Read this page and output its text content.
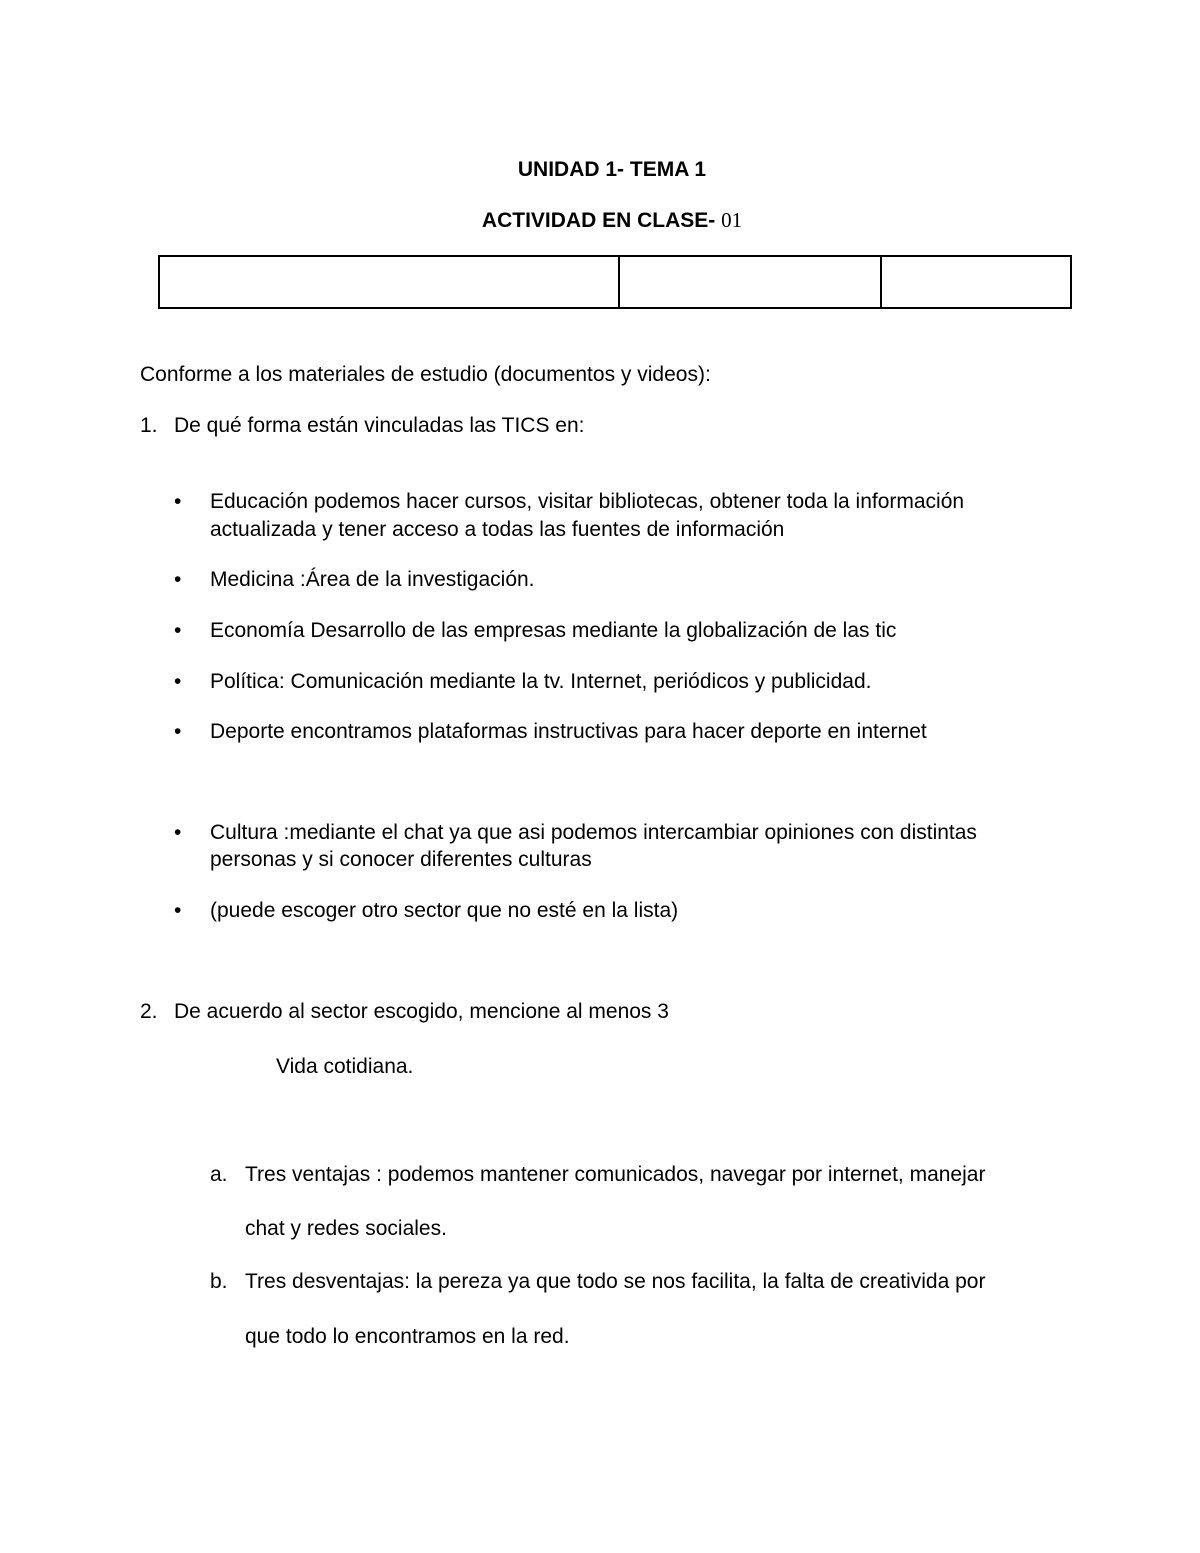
UNIDAD 1- TEMA 1
ACTIVIDAD EN CLASE- 01

Conforme a los materiales de estudio (documentos y videos):
1. De qué forma están vinculadas las TICS en:
•	Educación podemos hacer cursos, visitar bibliotecas, obtener toda la información
actualizada y tener acceso a todas las fuentes de información
•	Medicina :Área de la investigación.
•	Economía Desarrollo de las empresas mediante la globalización de las tic
•	Política: Comunicación mediante la tv. Internet, periódicos y publicidad.
•	Deporte encontramos plataformas instructivas para hacer deporte en internet
•	Cultura :mediante el chat ya que asi podemos intercambiar opiniones con distintas
personas y si conocer diferentes culturas
•	(puede escoger otro sector que no esté en la lista)
2. De acuerdo al sector escogido, mencione al menos 3
Vida cotidiana.
a. Tres ventajas : podemos mantener comunicados, navegar por internet, manejar
chat y redes sociales.
b. Tres desventajas: la pereza ya que todo se nos facilita, la falta de creativida por
que todo lo encontramos en la red.
